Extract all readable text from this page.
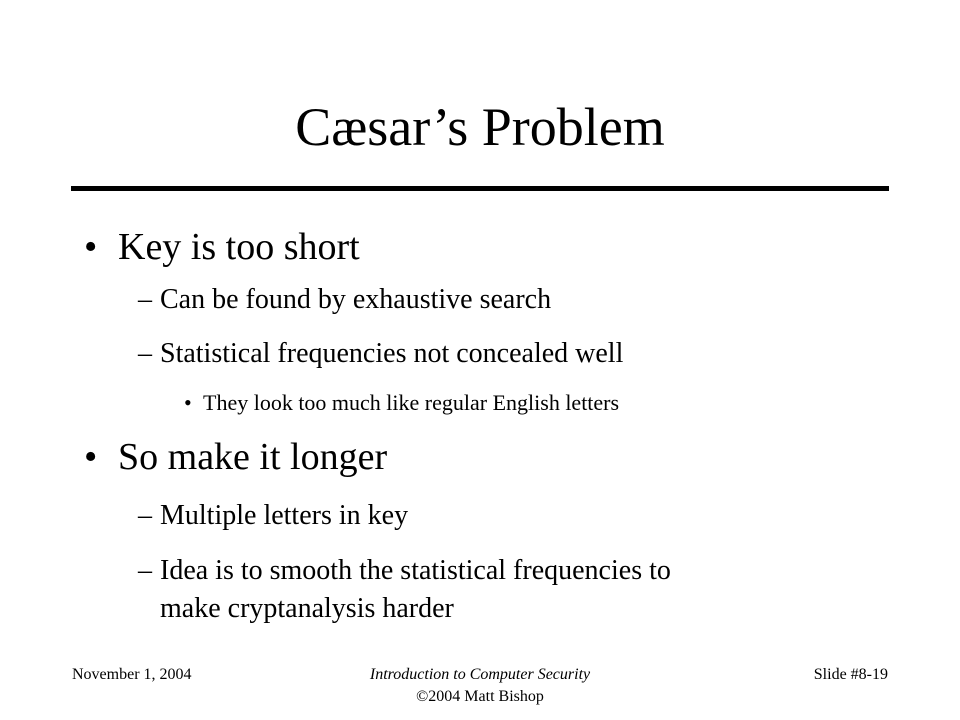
Cæsar’s Problem
• Key is too short
– Can be found by exhaustive search
– Statistical frequencies not concealed well
• They look too much like regular English letters
• So make it longer
– Multiple letters in key
– Idea is to smooth the statistical frequencies to
make cryptanalysis harder
November 1, 2004	Introduction to Computer Security
©2004 Matt Bishop
Slide #8-19
